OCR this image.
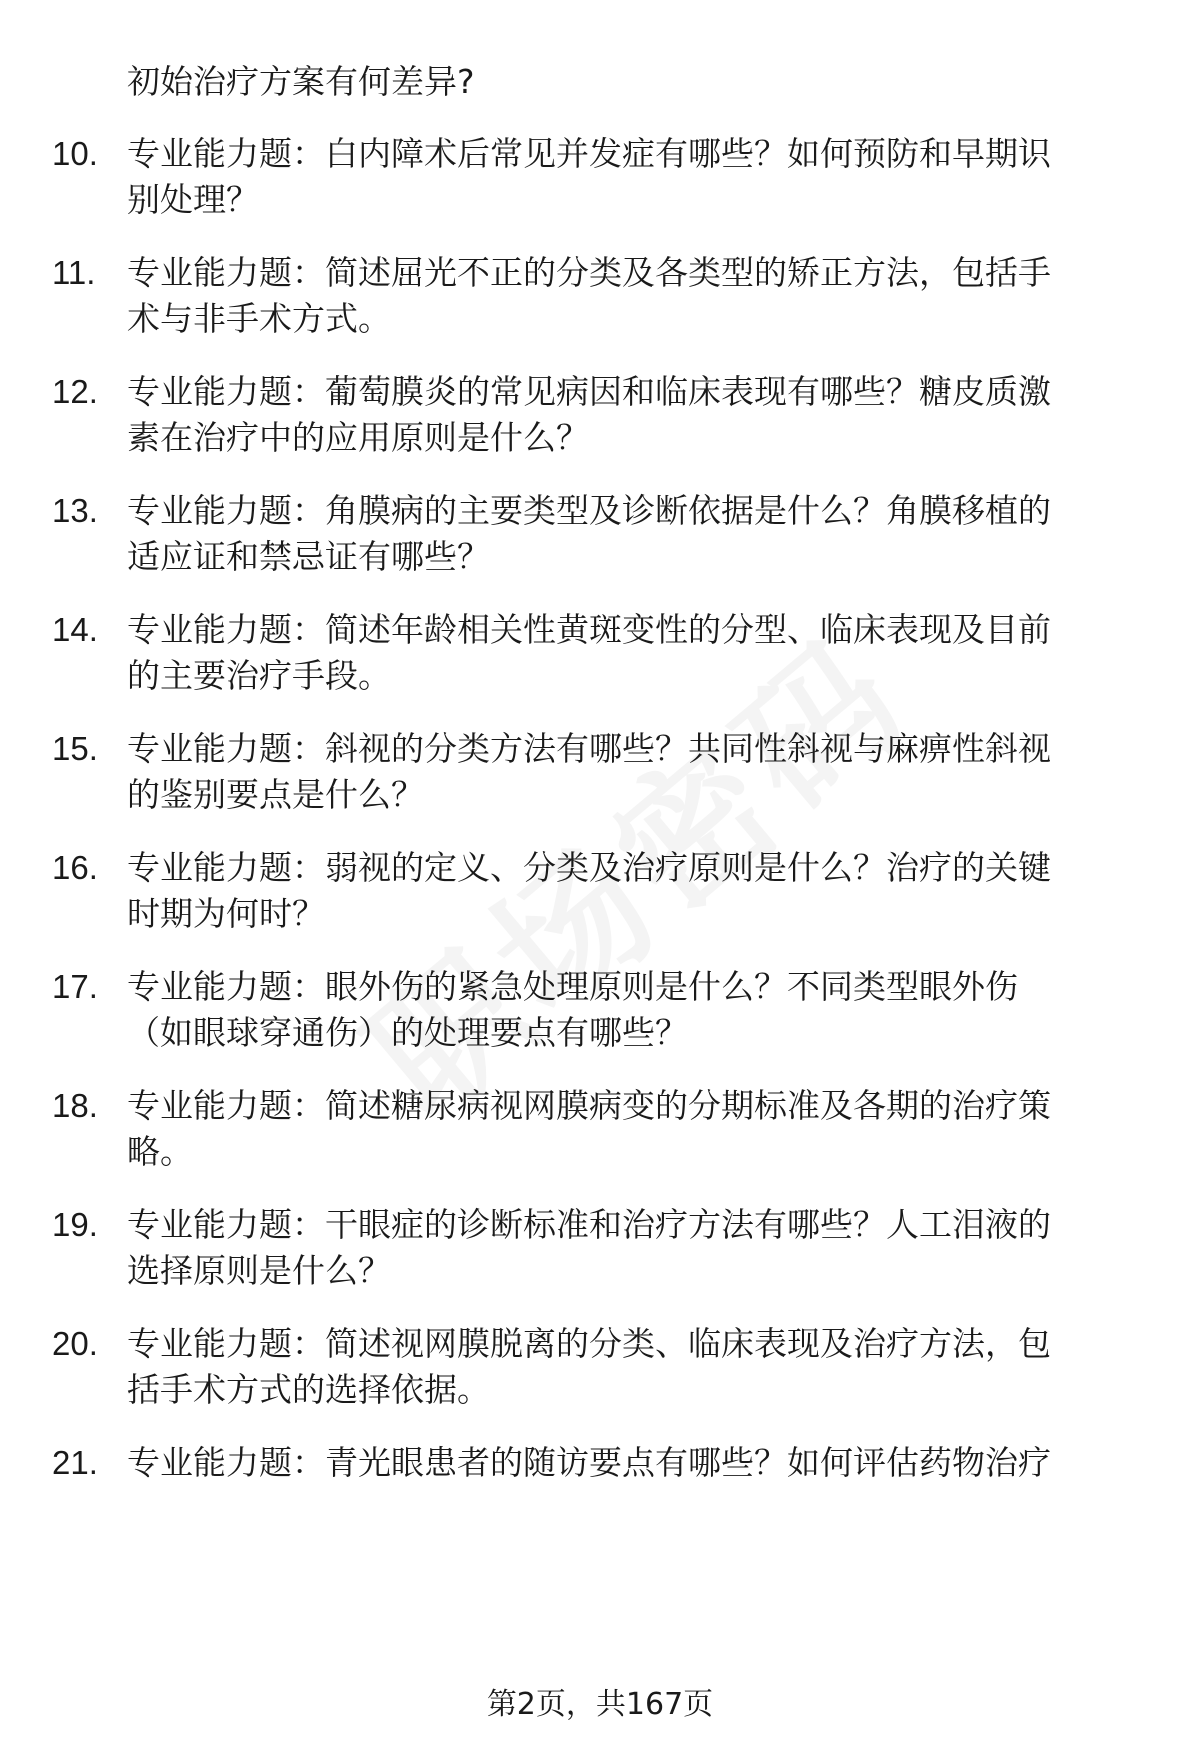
初始治疗方案有何差异?

10. 专业能力题：白内障术后常见并发症有哪些？如何预防和早期识
别处理？
11. 专业能力题：简述屈光不正的分类及各类型的矫正方法，包括手
术与非手术方式。
12. 专业能力题：葡萄膜炎的常见病因和临床表现有哪些？糖皮质激
素在治疗中的应用原则是什么？
13. 专业能力题：角膜病的主要类型及诊断依据是什么？角膜移植的
适应证和禁忌证有哪些？
14. 专业能力题：简述年龄相关性黄斑变性的分型、临床表现及目前
的主要治疗手段。
15. 专业能力题：斜视的分类方法有哪些？共同性斜视与麻痹性斜视
的鉴别要点是什么？
16. 专业能力题：弱视的定义、分类及治疗原则是什么？治疗的关键
时期为何时？
17. 专业能力题：眼外伤的紧急处理原则是什么？不同类型眼外伤
（如眼球穿通伤）的处理要点有哪些？
18. 专业能力题：简述糖尿病视网膜病变的分期标准及各期的治疗策
略。
19. 专业能力题：干眼症的诊断标准和治疗方法有哪些？人工泪液的
选择原则是什么？
20. 专业能力题：简述视网膜脱离的分类、临床表现及治疗方法，包
括手术方式的选择依据。
21. 专业能力题：青光眼患者的随访要点有哪些？如何评估药物治疗
第2页，共167页
